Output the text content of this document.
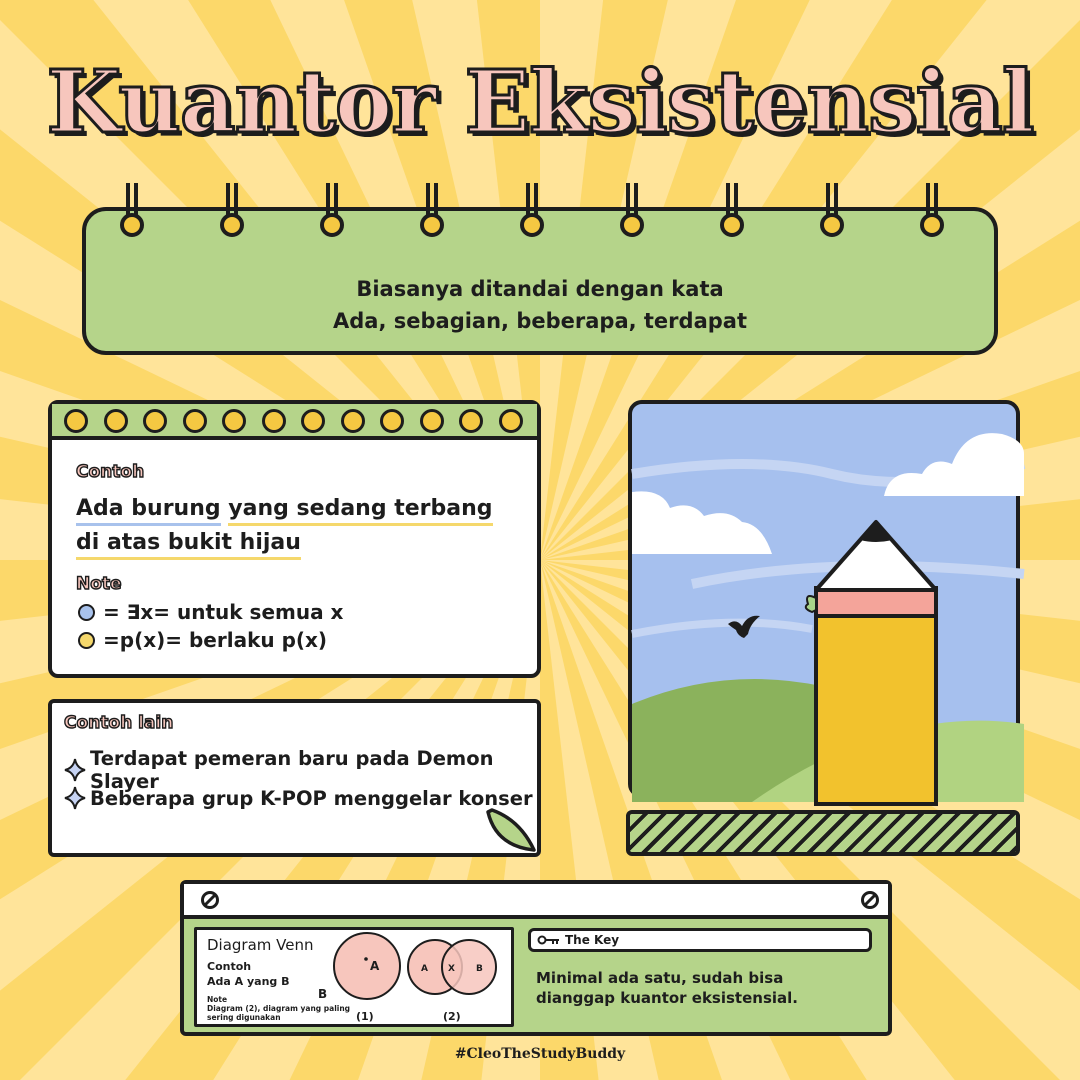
Kuantor Eksistensial
Biasanya ditandai dengan kata
Ada, sebagian, beberapa, terdapat
Contoh
Ada burung yang sedang terbang
di atas bukit hijau
Note
= ∃x= untuk semua x
=p(x)= berlaku p(x)
Contoh lain
Terdapat pemeran baru pada Demon Slayer
Beberapa grup K-POP menggelar konser
Diagram Venn
Contoh
Ada A yang B
Note
Diagram (2), diagram yang paling
sering digunakan
A
B
(1)
A X B
(2)
The Key
Minimal ada satu, sudah bisa dianggap kuantor eksistensial.
#CleoTheStudyBuddy
